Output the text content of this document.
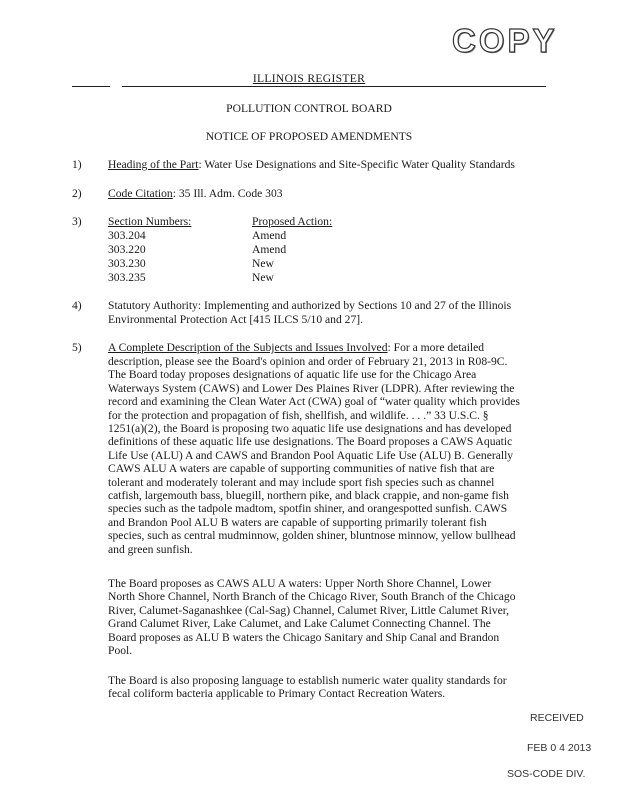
COPY
ILLINOIS REGISTER
POLLUTION CONTROL BOARD
NOTICE OF PROPOSED AMENDMENTS
1) Heading of the Part: Water Use Designations and Site-Specific Water Quality Standards
2) Code Citation: 35 Ill. Adm. Code 303
3) Section Numbers:	Proposed Action:
303.204	Amend
303.220	Amend
303.230	New
303.235	New
4) Statutory Authority: Implementing and authorized by Sections 10 and 27 of the Illinois
Environmental Protection Act [415 ILCS 5/10 and 27].
5) A Complete Description of the Subjects and Issues Involved: For a more detailed
description, please see the Board's opinion and order of February 21, 2013 in R08-9C.
The Board today proposes designations of aquatic life use for the Chicago Area
Waterways System (CAWS) and Lower Des Plaines River (LDPR). After reviewing the
record and examining the Clean Water Act (CWA) goal of “water quality which provides
for the protection and propagation of fish, shellfish, and wildlife. . . .” 33 U.S.C. §
1251(a)(2), the Board is proposing two aquatic life use designations and has developed
definitions of these aquatic life use designations. The Board proposes a CAWS Aquatic
Life Use (ALU) A and CAWS and Brandon Pool Aquatic Life Use (ALU) B. Generally
CAWS ALU A waters are capable of supporting communities of native fish that are
tolerant and moderately tolerant and may include sport fish species such as channel
catfish, largemouth bass, bluegill, northern pike, and black crappie, and non-game fish
species such as the tadpole madtom, spotfin shiner, and orangespotted sunfish. CAWS
and Brandon Pool ALU B waters are capable of supporting primarily tolerant fish
species, such as central mudminnow, golden shiner, bluntnose minnow, yellow bullhead
and green sunfish.
The Board proposes as CAWS ALU A waters: Upper North Shore Channel, Lower
North Shore Channel, North Branch of the Chicago River, South Branch of the Chicago
River, Calumet-Saganashkee (Cal-Sag) Channel, Calumet River, Little Calumet River,
Grand Calumet River, Lake Calumet, and Lake Calumet Connecting Channel. The
Board proposes as ALU B waters the Chicago Sanitary and Ship Canal and Brandon
Pool.
The Board is also proposing language to establish numeric water quality standards for
fecal coliform bacteria applicable to Primary Contact Recreation Waters.
RECEIVED
FEB 0 4 2013
SOS-CODE DIV.
